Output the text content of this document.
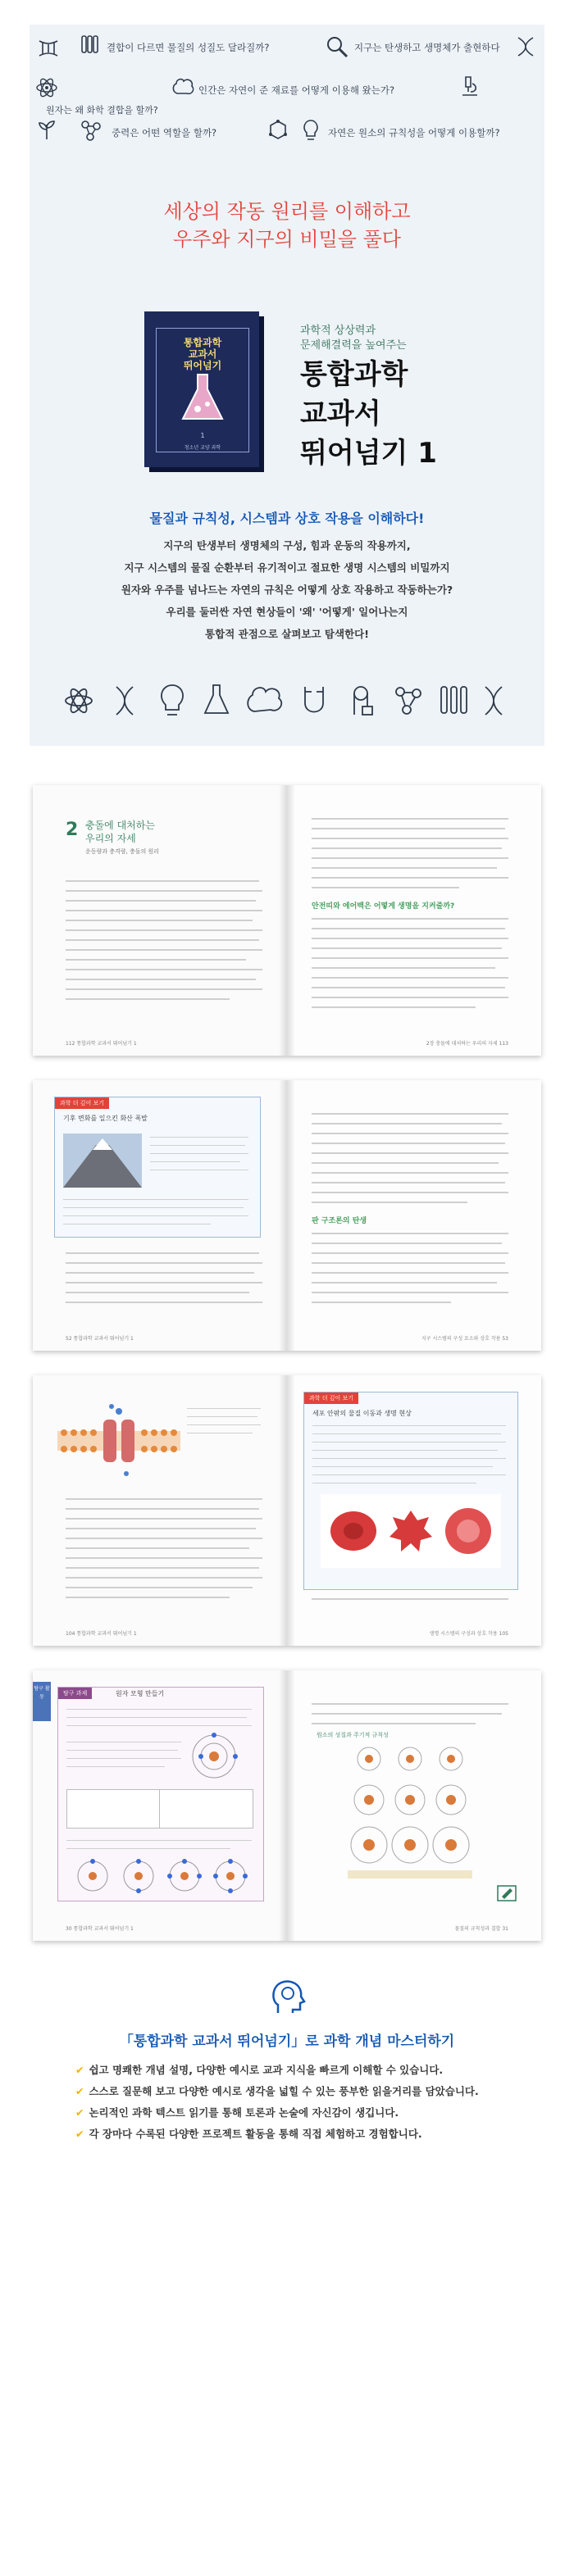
결합이 다르면 물질의 성질도 달라질까?	지구는 탄생하고 생명체가 출현하다
원자는 왜 화학 결합을 할까?
인간은 자연이 준 재료를 어떻게 이용해 왔는가?
중력은 어떤 역할을 할까?	자연은 원소의 규칙성을 어떻게 이용할까?
세상의 작동 원리를 이해하고
우주와 지구의 비밀을 풀다
통합과학
교과서
뛰어넘기
1
청소년 교양 과학
과학적 상상력과
문제해결력을 높여주는
통합과학
교과서
뛰어넘기 1
물질과 규칙성, 시스템과 상호 작용을 이해하다!
지구의 탄생부터 생명체의 구성, 힘과 운동의 작용까지,
지구 시스템의 물질 순환부터 유기적이고 절묘한 생명 시스템의 비밀까지
원자와 우주를 넘나드는 자연의 규칙은 어떻게 상호 작용하고 작동하는가?
우리를 둘러싼 자연 현상들이 '왜' '어떻게' 일어나는지
통합적 관점으로 살펴보고 탐색한다!
2 충돌에 대처하는
우리의 자세
운동량과 충격량, 충돌의 원리
안전띠와 에어백은 어떻게 생명을 지켜줄까?
112 통합과학 교과서 뛰어넘기 1	2장 충돌에 대처하는 우리의 자세 113
과학 더 깊이 보기
기후 변화를 일으킨 화산 폭발
판 구조론의 탄생
52 통합과학 교과서 뛰어넘기 1	지구 시스템의 구성 요소와 상호 작용 53
과학 더 깊이 보기
세포 안팎의 물질 이동과 생명 현상
104 통합과학 교과서 뛰어넘기 1	생명 시스템의 구성과 상호 작용 105
탐구 활동
탐구 과제	원자 모형 만들기
원소의 성질과 주기적 규칙성
30 통합과학 교과서 뛰어넘기 1	물질의 규칙성과 결합 31
「통합과학 교과서 뛰어넘기」로 과학 개념 마스터하기
✔ 쉽고 명쾌한 개념 설명, 다양한 예시로 교과 지식을 빠르게 이해할 수 있습니다.
✔ 스스로 질문해 보고 다양한 예시로 생각을 넓힐 수 있는 풍부한 읽을거리를 담았습니다.
✔ 논리적인 과학 텍스트 읽기를 통해 토론과 논술에 자신감이 생깁니다.
✔ 각 장마다 수록된 다양한 프로젝트 활동을 통해 직접 체험하고 경험합니다.
